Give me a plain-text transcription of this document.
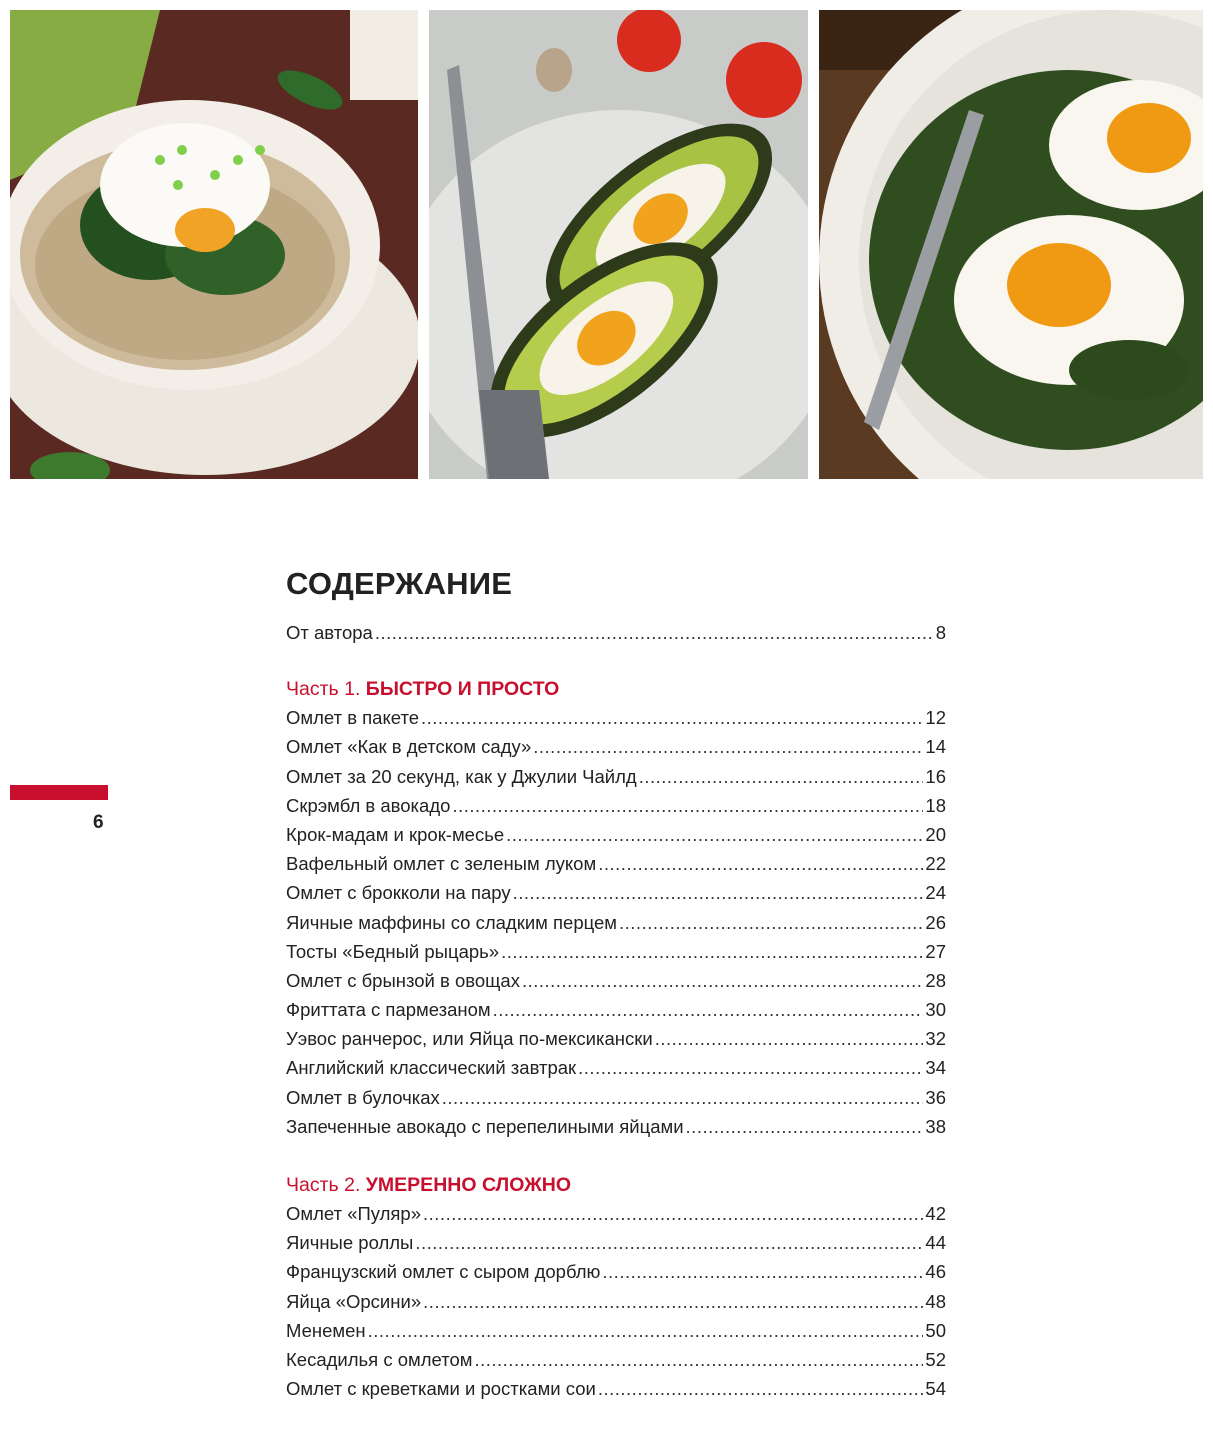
6
СОДЕРЖАНИЕ
От автора .....	8
Часть 1. БЫСТРО И ПРОСТО
Омлет в пакете .....	12
Омлет «Как в детском саду» .....	14
Омлет за 20 секунд, как у Джулии Чайлд .....	16
Скрэмбл в авокадо .....	18
Крок-мадам и крок-месье .....	20
Вафельный омлет с зеленым луком .....	22
Омлет с брокколи на пару .....	24
Яичные маффины со сладким перцем .....	26
Тосты «Бедный рыцарь» .....	27
Омлет с брынзой в овощах .....	28
Фриттата с пармезаном .....	30
Уэвос ранчерос, или Яйца по-мексикански .....	32
Английский классический завтрак .....	34
Омлет в булочках .....	36
Запеченные авокадо с перепелиными яйцами .....	38
Часть 2. УМЕРЕННО СЛОЖНО
Омлет «Пуляр» .....	42
Яичные роллы .....	44
Французский омлет с сыром дорблю .....	46
Яйца «Орсини» .....	48
Менемен .....	50
Кесадилья с омлетом .....	52
Омлет с креветками и ростками сои .....	54
